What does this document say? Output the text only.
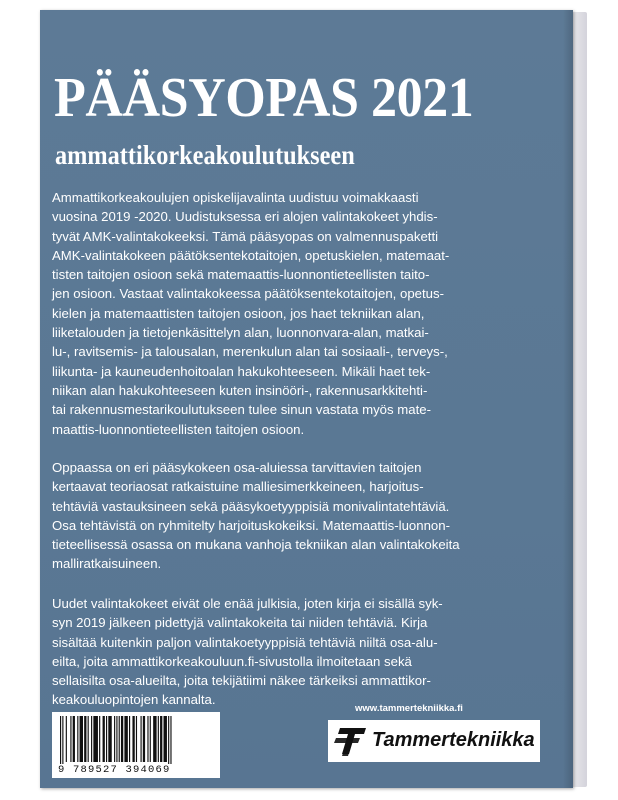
PÄÄSYOPAS 2021
ammattikorkeakoulutukseen

Ammattikorkeakoulujen opiskelijavalinta uudistuu voimakkaasti
vuosina 2019 -2020. Uudistuksessa eri alojen valintakokeet yhdis-
tyvät AMK-valintakokeeksi. Tämä pääsyopas on valmennuspaketti
AMK-valintakokeen päätöksentekotaitojen, opetuskielen, matemaat-
tisten taitojen osioon sekä matemaattis-luonnontieteellisten taito-
jen osioon. Vastaat valintakokeessa päätöksentekotaitojen, opetus-
kielen ja matemaattisten taitojen osioon, jos haet tekniikan alan,
liiketalouden ja tietojenkäsittelyn alan, luonnonvara-alan, matkai-
lu-, ravitsemis- ja talousalan, merenkulun alan tai sosiaali-, terveys-,
liikunta- ja kauneudenhoitoalan hakukohteeseen. Mikäli haet tek-
niikan alan hakukohteeseen kuten insinööri-, rakennusarkkitehti-
tai rakennusmestarikoulutukseen tulee sinun vastata myös mate-
maattis-luonnontieteellisten taitojen osioon.

Oppaassa on eri pääsykokeen osa-aluiessa tarvittavien taitojen
kertaavat teoriaosat ratkaistuine malliesimerkkeineen, harjoitus-
tehtäviä vastauksineen sekä pääsykoetyyppisiä monivalintatehtäviä.
Osa tehtävistä on ryhmitelty harjoituskokeiksi. Matemaattis-luonnon-
tieteellisessä osassa on mukana vanhoja tekniikan alan valintakokeita
malliratkaisuineen.

Uudet valintakokeet eivät ole enää julkisia, joten kirja ei sisällä syk-
syn 2019 jälkeen pidettyjä valintakokeita tai niiden tehtäviä. Kirja
sisältää kuitenkin paljon valintakoetyyppisiä tehtäviä niiltä osa-alu-
eilta, joita ammattikorkeakouluun.fi-sivustolla ilmoitetaan sekä
sellaisilta osa-alueilta, joita tekijätiimi näkee tärkeiksi ammattikor-
keakouluopintojen kannalta.

www.tammertekniikka.fi
9 789527 394069
Tammertekniikka
